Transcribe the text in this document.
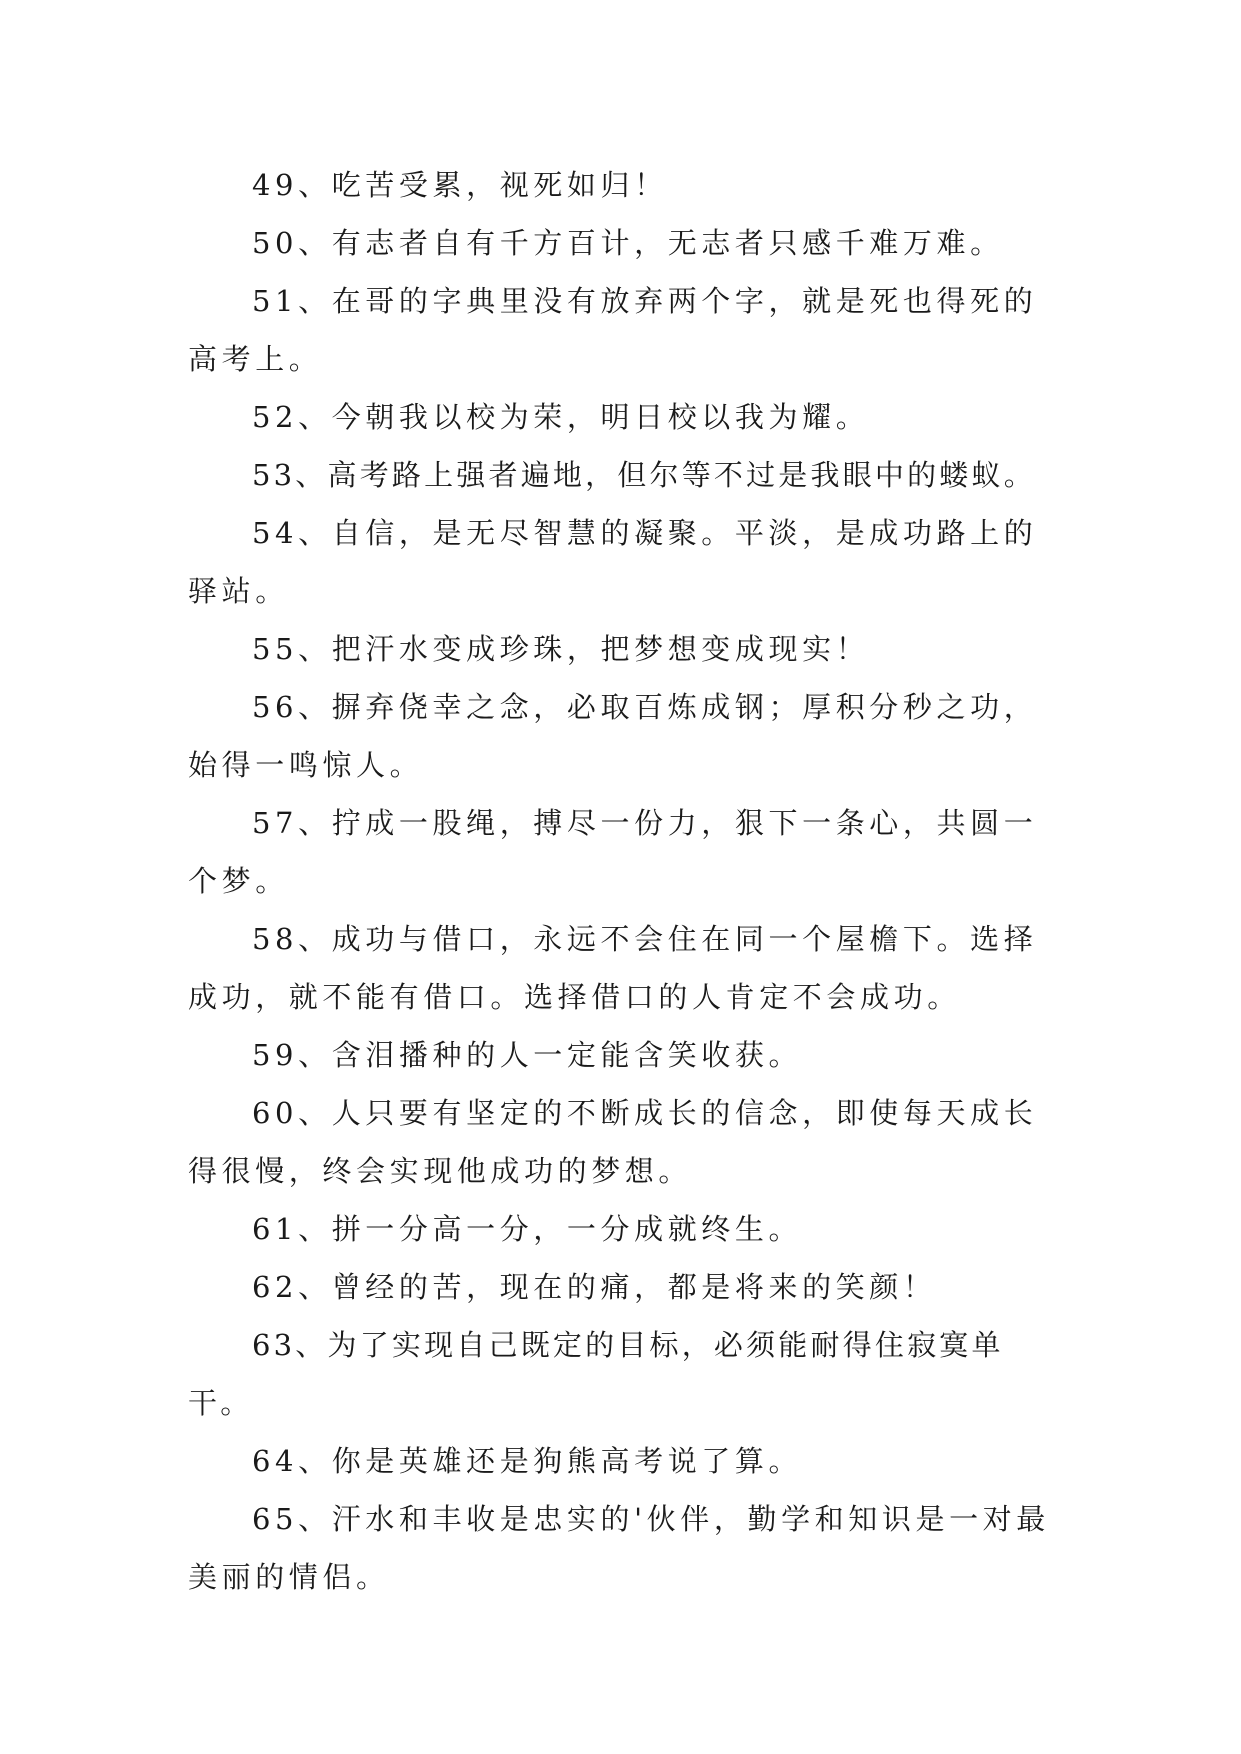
49、吃苦受累，视死如归！

50、有志者自有千方百计，无志者只感千难万难。

51、在哥的字典里没有放弃两个字，就是死也得死的高考上。

52、今朝我以校为荣，明日校以我为耀。

53、高考路上强者遍地，但尔等不过是我眼中的蝼蚁。

54、自信，是无尽智慧的凝聚。平淡，是成功路上的驿站。

55、把汗水变成珍珠，把梦想变成现实！

56、摒弃侥幸之念，必取百炼成钢；厚积分秒之功，始得一鸣惊人。

57、拧成一股绳，搏尽一份力，狠下一条心，共圆一个梦。

58、成功与借口，永远不会住在同一个屋檐下。选择成功，就不能有借口。选择借口的人肯定不会成功。

59、含泪播种的人一定能含笑收获。

60、人只要有坚定的不断成长的信念，即使每天成长得很慢，终会实现他成功的梦想。

61、拼一分高一分，一分成就终生。

62、曾经的苦，现在的痛，都是将来的笑颜！

63、为了实现自己既定的目标，必须能耐得住寂寞单干。

64、你是英雄还是狗熊高考说了算。

65、汗水和丰收是忠实的'伙伴，勤学和知识是一对最美丽的情侣。
